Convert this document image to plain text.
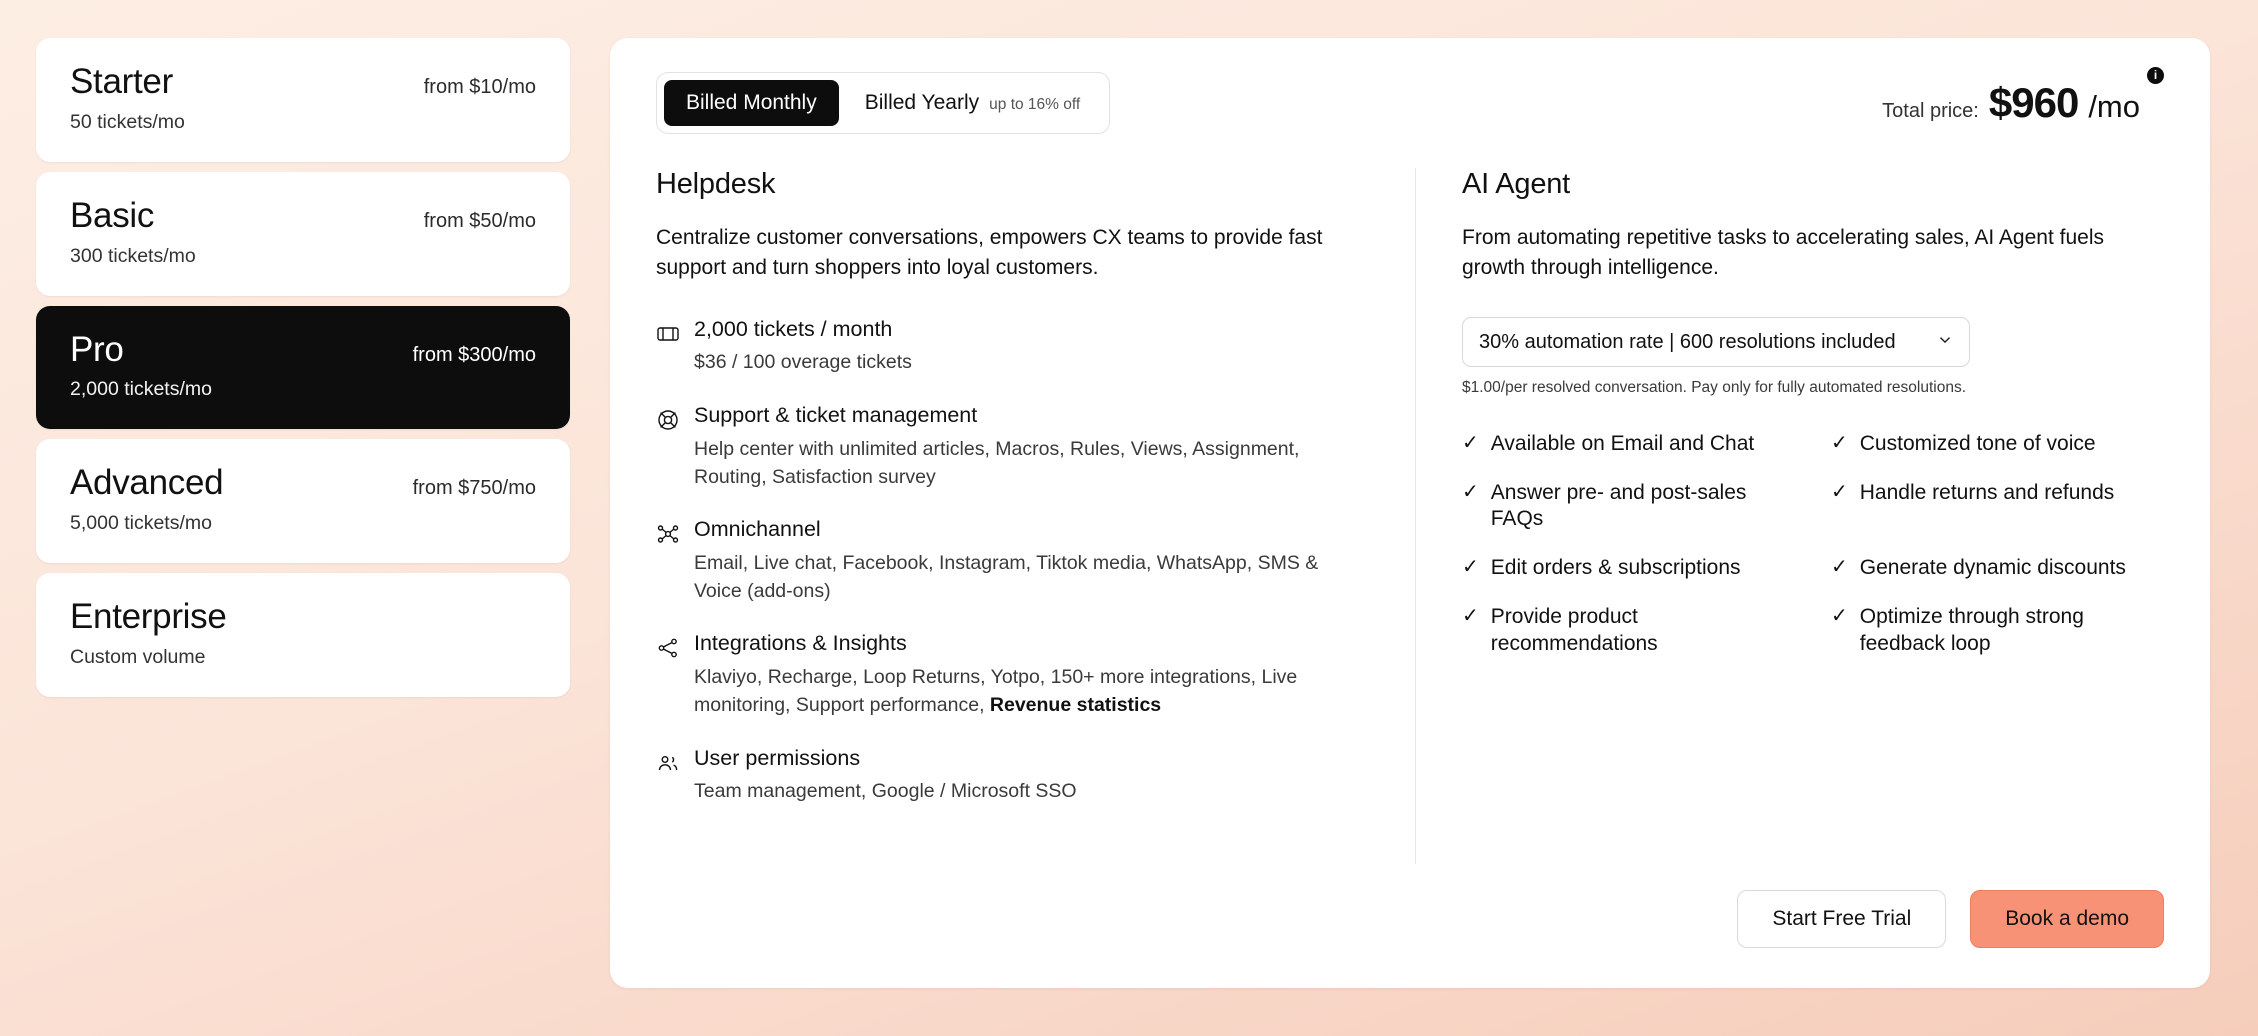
Starter	from $10/mo
50 tickets/mo
Basic	from $50/mo
300 tickets/mo
Pro	from $300/mo
2,000 tickets/mo
Advanced	from $750/mo
5,000 tickets/mo
Enterprise
Custom volume
Billed Monthly	Billed Yearly up to 16% off	Total price: $960 /mo
i
Helpdesk

Centralize customer conversations, empowers CX teams to provide fast support and turn shoppers into loyal customers.

2,000 tickets / month
$36 / 100 overage tickets
Support & ticket management
Help center with unlimited articles, Macros, Rules, Views, Assignment, Routing, Satisfaction survey
Omnichannel
Email, Live chat, Facebook, Instagram, Tiktok media, WhatsApp, SMS & Voice (add-ons)
Integrations & Insights
Klaviyo, Recharge, Loop Returns, Yotpo, 150+ more integrations, Live monitoring, Support performance, Revenue statistics
User permissions
Team management, Google / Microsoft SSO
AI Agent

From automating repetitive tasks to accelerating sales, AI Agent fuels growth through intelligence.

30% automation rate | 600 resolutions included
$1.00/per resolved conversation. Pay only for fully automated resolutions.
✓ Available on Email and Chat	✓ Customized tone of voice
✓ Answer pre- and post-sales FAQs
✓ Handle returns and refunds
✓ Edit orders & subscriptions	✓ Generate dynamic discounts
✓ Provide product recommendations
✓ Optimize through strong feedback loop
Start Free Trial	Book a demo
